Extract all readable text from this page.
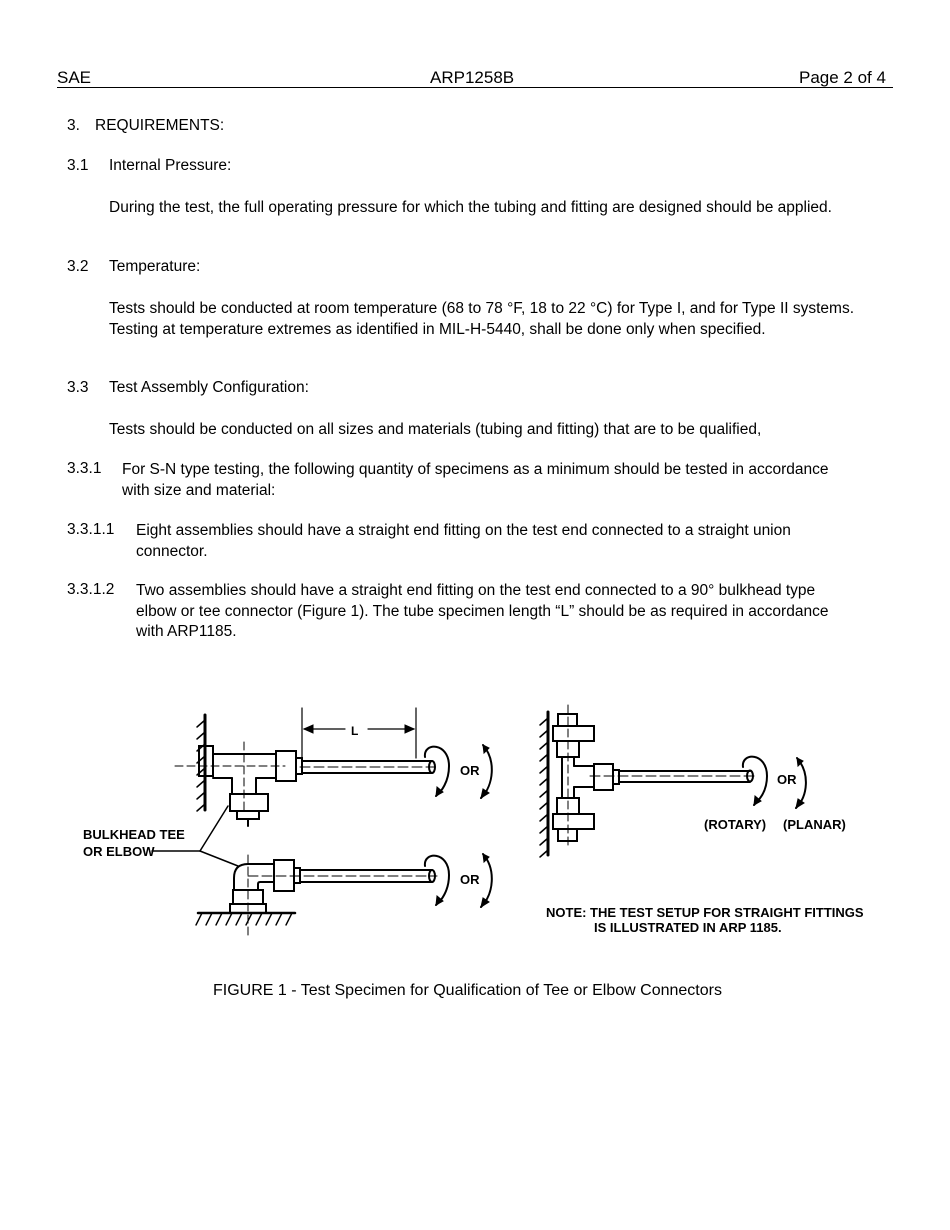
SAE	ARP1258B	Page 2 of 4
3. REQUIREMENTS:
3.1 Internal Pressure:
During the test, the full operating pressure for which the tubing and fitting are designed should be applied.
3.2 Temperature:
Tests should be conducted at room temperature (68 to 78 °F, 18 to 22 °C) for Type I, and for Type II systems. Testing at temperature extremes as identified in MIL-H-5440, shall be done only when specified.
3.3 Test Assembly Configuration:
Tests should be conducted on all sizes and materials (tubing and fitting) that are to be qualified,
3.3.1 For S-N type testing, the following quantity of specimens as a minimum should be tested in accordance with size and material:
3.3.1.1 Eight assemblies should have a straight end fitting on the test end connected to a straight union connector.
3.3.1.2 Two assemblies should have a straight end fitting on the test end connected to a 90° bulkhead type elbow or tee connector (Figure 1). The tube specimen length “L” should be as required in accordance with ARP1185.
L
OR
OR
OR
BULKHEAD TEE
OR ELBOW
(ROTARY) (PLANAR)
NOTE: THE TEST SETUP FOR STRAIGHT FITTINGS
IS ILLUSTRATED IN ARP 1185.
FIGURE 1 - Test Specimen for Qualification of Tee or Elbow Connectors
